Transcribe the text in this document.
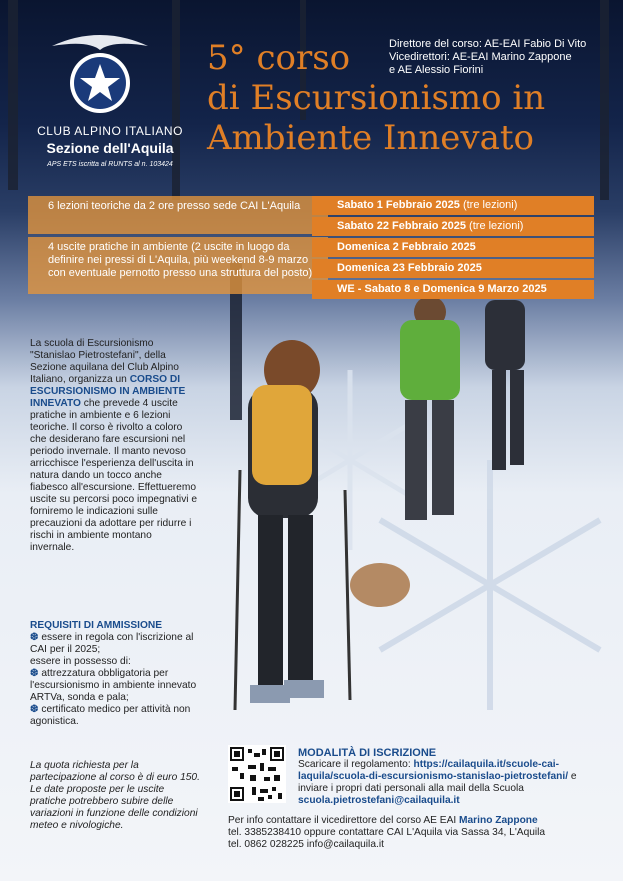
CLUB ALPINO ITALIANO
Sezione dell'Aquila
APS ETS iscritta al RUNTS al n. 103424
5° corso
di Escursionismo in
Ambiente Innevato
Direttore del corso: AE-EAI Fabio Di Vito
Vicedirettori: AE-EAI Marino Zappone
e AE Alessio Fiorini
6 lezioni teoriche da 2 ore presso sede CAI L'Aquila
4 uscite pratiche in ambiente (2 uscite in luogo da definire nei pressi di L'Aquila, più weekend 8-9 marzo con eventuale pernotto presso una struttura del posto)
Sabato 1 Febbraio 2025 (tre lezioni)
Sabato 22 Febbraio 2025 (tre lezioni)
Domenica 2 Febbraio 2025
Domenica 23 Febbraio 2025
WE - Sabato 8 e Domenica 9 Marzo 2025
La scuola di Escursionismo "Stanislao Pietrostefani", della Sezione aquilana del Club Alpino Italiano, organizza un CORSO DI ESCURSIONISMO IN AMBIENTE INNEVATO che prevede 4 uscite pratiche in ambiente e 6 lezioni teoriche. Il corso è rivolto a coloro che desiderano fare escursioni nel periodo invernale. Il manto nevoso arricchisce l'esperienza dell'uscita in natura dando un tocco anche fiabesco all'escursione. Effettueremo uscite su percorsi poco impegnativi e forniremo le indicazioni sulle precauzioni da adottare per ridurre i rischi in ambiente montano invernale.
REQUISITI DI AMMISSIONE
❆ essere in regola con l'iscrizione al CAI per il 2025;
essere in possesso di:
❆ attrezzatura obbligatoria per l'escursionismo in ambiente innevato ARTVa, sonda e pala;
❆ certificato medico per attività non agonistica.
La quota richiesta per la partecipazione al corso è di euro 150. Le date proposte per le uscite pratiche potrebbero subire delle variazioni in funzione delle condizioni meteo e nivologiche.
MODALITÀ DI ISCRIZIONE
Scaricare il regolamento: https://cailaquila.it/scuole-cai-laquila/scuola-di-escursionismo-stanislao-pietrostefani/ e inviare i propri dati personali alla mail della Scuola scuola.pietrostefani@cailaquila.it
Per info contattare il vicedirettore del corso AE EAI Marino Zappone
tel. 3385238410 oppure contattare CAI L'Aquila via Sassa 34, L'Aquila
tel. 0862 028225 info@cailaquila.it
